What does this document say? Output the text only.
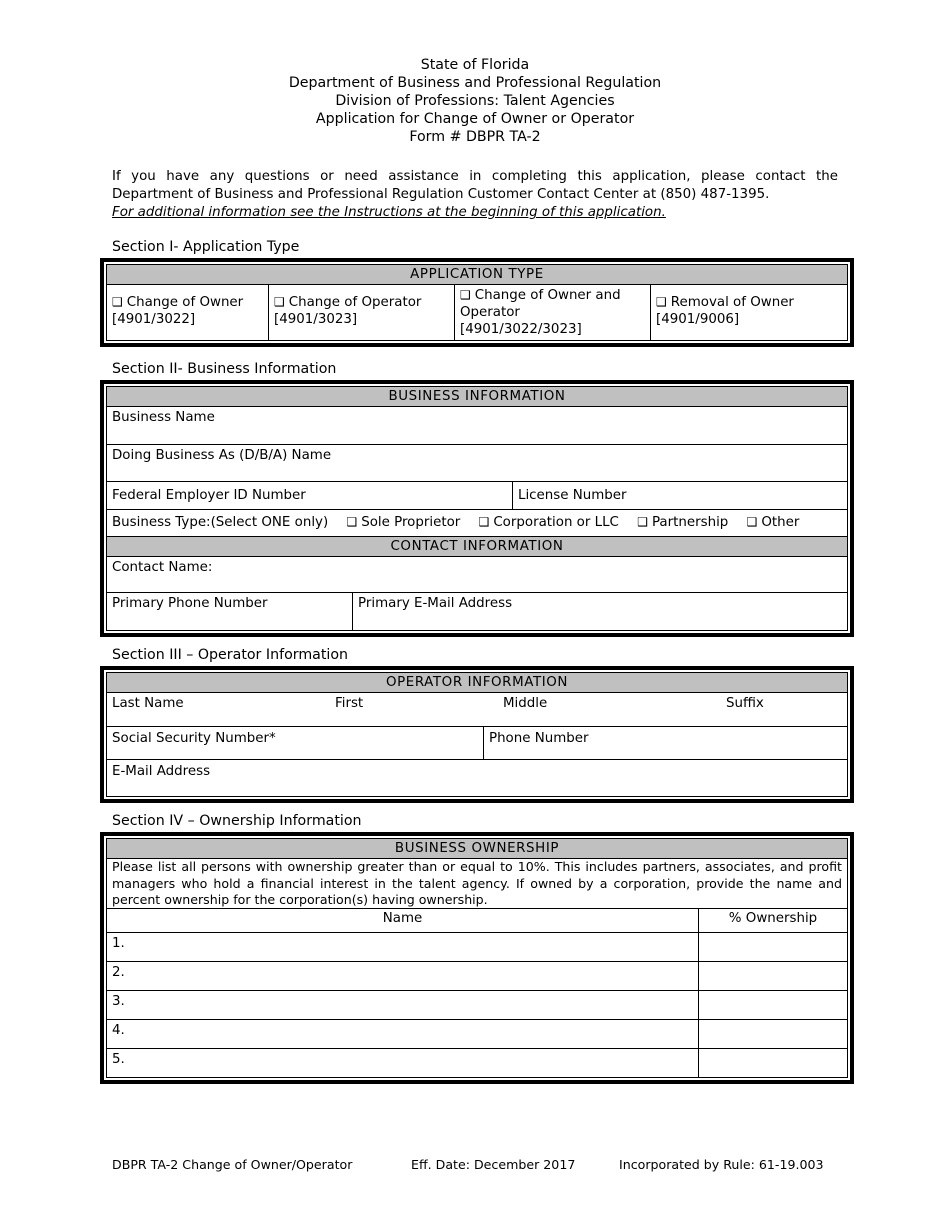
State of Florida
Department of Business and Professional Regulation
Division of Professions: Talent Agencies
Application for Change of Owner or Operator
Form # DBPR TA-2
If you have any questions or need assistance in completing this application, please contact the
Department of Business and Professional Regulation Customer Contact Center at (850) 487-1395.
For additional information see the Instructions at the beginning of this application.
Section I- Application Type
APPLICATION TYPE
❑ Change of Owner
[4901/3022]
❑ Change of Operator
[4901/3023]
❑ Change of Owner and Operator
[4901/3022/3023]
❑ Removal of Owner
[4901/9006]
Section II- Business Information
BUSINESS INFORMATION
Business Name
Doing Business As (D/B/A) Name
Federal Employer ID Number	License Number
Business Type:(Select ONE only) ❑ Sole Proprietor ❑ Corporation or LLC ❑ Partnership ❑ Other
CONTACT INFORMATION
Contact Name:
Primary Phone Number	Primary E-Mail Address
Section III – Operator Information
OPERATOR INFORMATION
Last Name	First	Middle	Suffix
Social Security Number*	Phone Number
E-Mail Address
Section IV – Ownership Information
BUSINESS OWNERSHIP
Please list all persons with ownership greater than or equal to 10%. This includes partners, associates, and profit managers who hold a financial interest in the talent agency. If owned by a corporation, provide the name and percent ownership for the corporation(s) having ownership.
Name	% Ownership
1.
2.
3.
4.
5.
DBPR TA-2 Change of Owner/Operator	Eff. Date: December 2017	Incorporated by Rule: 61-19.003
